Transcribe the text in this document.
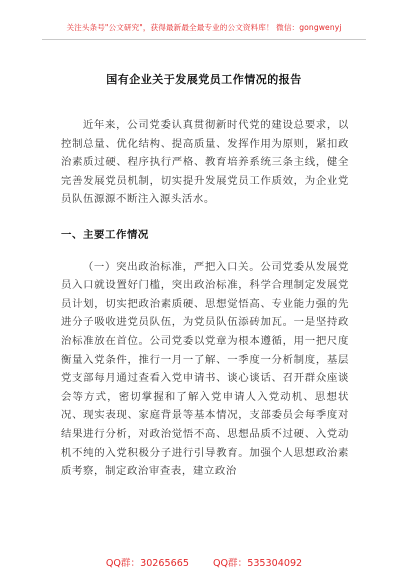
关注头条号"公文研究"，获得最新最全最专业的公文资料库！ 微信：gongwenyj
国有企业关于发展党员工作情况的报告

近年来，公司党委认真贯彻新时代党的建设总要求，以控制总量、优化结构、提高质量、发挥作用为原则，紧扣政治素质过硬、程序执行严格、教育培养系统三条主线，健全完善发展党员机制，切实提升发展党员工作质效，为企业党员队伍源源不断注入源头活水。

一、主要工作情况

（一）突出政治标准，严把入口关。公司党委从发展党员入口就设置好门槛，突出政治标准，科学合理制定发展党员计划，切实把政治素质硬、思想觉悟高、专业能力强的先进分子吸收进党员队伍，为党员队伍添砖加瓦。一是坚持政治标准放在首位。公司党委以党章为根本遵循，用一把尺度衡量入党条件，推行一月一了解、一季度一分析制度，基层党支部每月通过查看入党申请书、谈心谈话、召开群众座谈会等方式，密切掌握和了解入党申请人入党动机、思想状况、现实表现、家庭背景等基本情况，支部委员会每季度对结果进行分析，对政治觉悟不高、思想品质不过硬、入党动机不纯的入党积极分子进行引导教育。加强个人思想政治素质考察，制定政治审查表，建立政治

QQ群：30265665	QQ群：535304092
